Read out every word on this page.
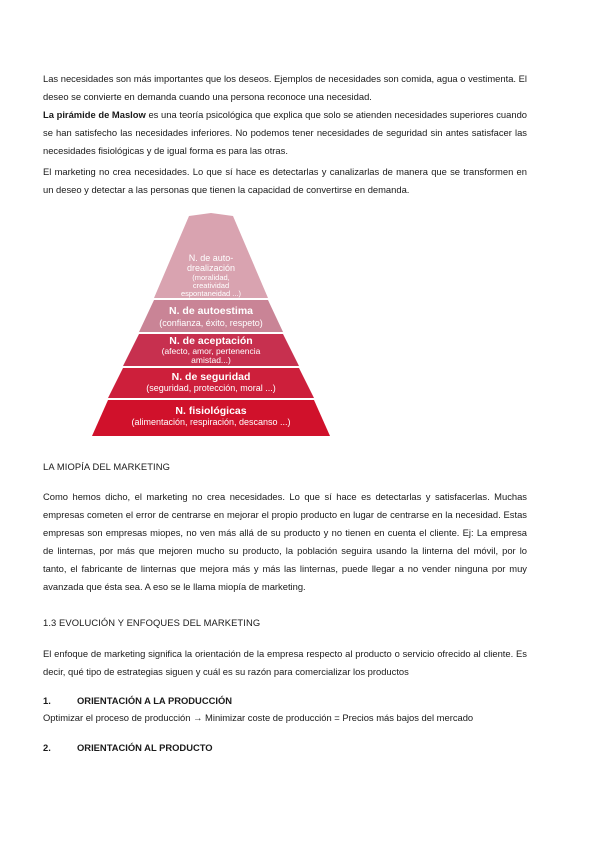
Las necesidades son más importantes que los deseos. Ejemplos de necesidades son comida, agua o vestimenta. El deseo se convierte en demanda cuando una persona reconoce una necesidad.
La pirámide de Maslow es una teoría psicológica que explica que solo se atienden necesidades superiores cuando se han satisfecho las necesidades inferiores. No podemos tener necesidades de seguridad sin antes satisfacer las necesidades fisiológicas y de igual forma es para las otras.
El marketing no crea necesidades. Lo que sí hace es detectarlas y canalizarlas de manera que se transformen en un deseo y detectar a las personas que tienen la capacidad de convertirse en demanda.
N. de auto-
drealización
(moralidad,
creatividad
espontaneidad ...)
N. de autoestima
(confianza, éxito, respeto)
N. de aceptación
(afecto, amor, pertenencia
amistad...)
N. de seguridad
(seguridad, protección, moral ...)
N. fisiológicas
(alimentación, respiración, descanso ...)
LA MIOPÍA DEL MARKETING
Como hemos dicho, el marketing no crea necesidades. Lo que sí hace es detectarlas y satisfacerlas. Muchas empresas cometen el error de centrarse en mejorar el propio producto en lugar de centrarse en la necesidad. Estas empresas son empresas miopes, no ven más allá de su producto y no tienen en cuenta el cliente. Ej: La empresa de linternas, por más que mejoren mucho su producto, la población seguira usando la linterna del móvil, por lo tanto, el fabricante de linternas que mejora más y más las linternas, puede llegar a no vender ninguna por muy avanzada que ésta sea. A eso se le llama miopía de marketing.
1.3 EVOLUCIÓN Y ENFOQUES DEL MARKETING
El enfoque de marketing significa la orientación de la empresa respecto al producto o servicio ofrecido al cliente. Es decir, qué tipo de estrategias siguen y cuál es su razón para comercializar los productos
1.	ORIENTACIÓN A LA PRODUCCIÓN
Optimizar el proceso de producción → Minimizar coste de producción = Precios más bajos del mercado
2.	ORIENTACIÓN AL PRODUCTO
